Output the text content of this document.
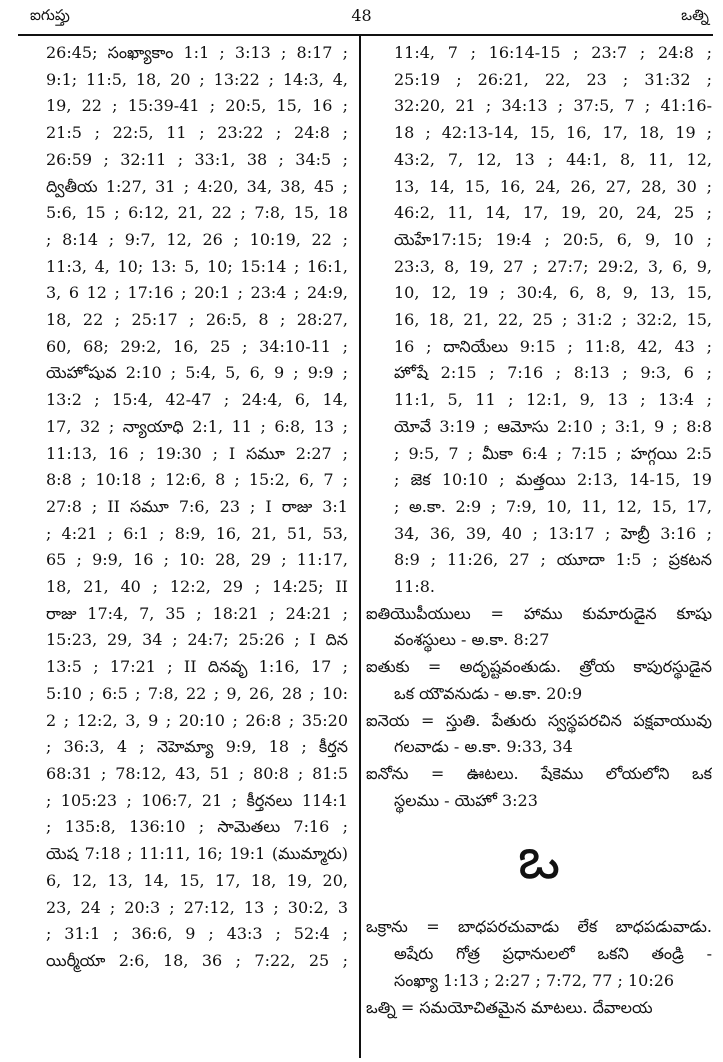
ఐగుప్తు	48	ఒత్ని
26:45; సంఖ్యాకాం 1:1 ; 3:13 ; 8:17 ;
9:1; 11:5, 18, 20 ; 13:22 ; 14:3, 4,
19, 22 ; 15:39-41 ; 20:5, 15, 16 ;
21:5 ; 22:5, 11 ; 23:22 ; 24:8 ;
26:59 ; 32:11 ; 33:1, 38 ; 34:5 ;
ద్వితీయ 1:27, 31 ; 4:20, 34, 38, 45 ;
5:6, 15 ; 6:12, 21, 22 ; 7:8, 15, 18
; 8:14 ; 9:7, 12, 26 ; 10:19, 22 ;
11:3, 4, 10; 13: 5, 10; 15:14 ; 16:1,
3, 6 12 ; 17:16 ; 20:1 ; 23:4 ; 24:9,
18, 22 ; 25:17 ; 26:5, 8 ; 28:27,
60, 68; 29:2, 16, 25 ; 34:10-11 ;
యెహోషువ 2:10 ; 5:4, 5, 6, 9 ; 9:9 ;
13:2 ; 15:4, 42-47 ; 24:4, 6, 14,
17, 32 ; న్యాయాధి 2:1, 11 ; 6:8, 13 ;
11:13, 16 ; 19:30 ; I సమూ 2:27 ;
8:8 ; 10:18 ; 12:6, 8 ; 15:2, 6, 7 ;
27:8 ; II సమూ 7:6, 23 ; I రాజు 3:1
; 4:21 ; 6:1 ; 8:9, 16, 21, 51, 53,
65 ; 9:9, 16 ; 10: 28, 29 ; 11:17,
18, 21, 40 ; 12:2, 29 ; 14:25; II
రాజు 17:4, 7, 35 ; 18:21 ; 24:21 ;
15:23, 29, 34 ; 24:7; 25:26 ; I దిన
13:5 ; 17:21 ; II దినవృ 1:16, 17 ;
5:10 ; 6:5 ; 7:8, 22 ; 9, 26, 28 ; 10:
2 ; 12:2, 3, 9 ; 20:10 ; 26:8 ; 35:20
; 36:3, 4 ; నెహెమ్యా 9:9, 18 ; కీర్తన
68:31 ; 78:12, 43, 51 ; 80:8 ; 81:5
; 105:23 ; 106:7, 21 ; కీర్తనలు 114:1
; 135:8, 136:10 ; సామెతలు 7:16 ;
యెష 7:18 ; 11:11, 16; 19:1 (ముమ్మారు)
6, 12, 13, 14, 15, 17, 18, 19, 20,
23, 24 ; 20:3 ; 27:12, 13 ; 30:2, 3
; 31:1 ; 36:6, 9 ; 43:3 ; 52:4 ;
యిర్మీయా 2:6, 18, 36 ; 7:22, 25 ;
11:4, 7 ; 16:14-15 ; 23:7 ; 24:8 ;
25:19 ; 26:21, 22, 23 ; 31:32 ;
32:20, 21 ; 34:13 ; 37:5, 7 ; 41:16-
18 ; 42:13-14, 15, 16, 17, 18, 19 ;
43:2, 7, 12, 13 ; 44:1, 8, 11, 12,
13, 14, 15, 16, 24, 26, 27, 28, 30 ;
46:2, 11, 14, 17, 19, 20, 24, 25 ;
యెహే17:15; 19:4 ; 20:5, 6, 9, 10 ;
23:3, 8, 19, 27 ; 27:7; 29:2, 3, 6, 9,
10, 12, 19 ; 30:4, 6, 8, 9, 13, 15,
16, 18, 21, 22, 25 ; 31:2 ; 32:2, 15,
16 ; దానియేలు 9:15 ; 11:8, 42, 43 ;
హోషే 2:15 ; 7:16 ; 8:13 ; 9:3, 6 ;
11:1, 5, 11 ; 12:1, 9, 13 ; 13:4 ;
యోవే 3:19 ; ఆమోసు 2:10 ; 3:1, 9 ; 8:8
; 9:5, 7 ; మీకా 6:4 ; 7:15 ; హగ్గయి 2:5
; జెక 10:10 ; మత్తయి 2:13, 14-15, 19
; అ.కా. 2:9 ; 7:9, 10, 11, 12, 15, 17,
34, 36, 39, 40 ; 13:17 ; హెబ్రీ 3:16 ;
8:9 ; 11:26, 27 ; యూదా 1:5 ; ప్రకటన
11:8.
ఐతియొపీయులు = హాము కుమారుడైన కూషు
వంశస్థులు - అ.కా. 8:27
ఐతుకు = అదృష్టవంతుడు. త్రోయ కాపురస్థుడైన
ఒక యౌవనుడు - అ.కా. 20:9
ఐనెయ = స్తుతి. పేతురు స్వస్థపరచిన పక్షవాయువు
గలవాడు - అ.కా. 9:33, 34
ఐనోను = ఊటలు. షేకెము లోయలోని ఒక
స్థలము - యెహో 3:23
ఒ
ఒక్రాను = బాధపరచువాడు లేక బాధపడువాడు.
అషేరు గోత్ర ప్రధానులలో ఒకని తండ్రి -
సంఖ్యా 1:13 ; 2:27 ; 7:72, 77 ; 10:26
ఒత్ని = సమయోచితమైన మాటలు. దేవాలయ
